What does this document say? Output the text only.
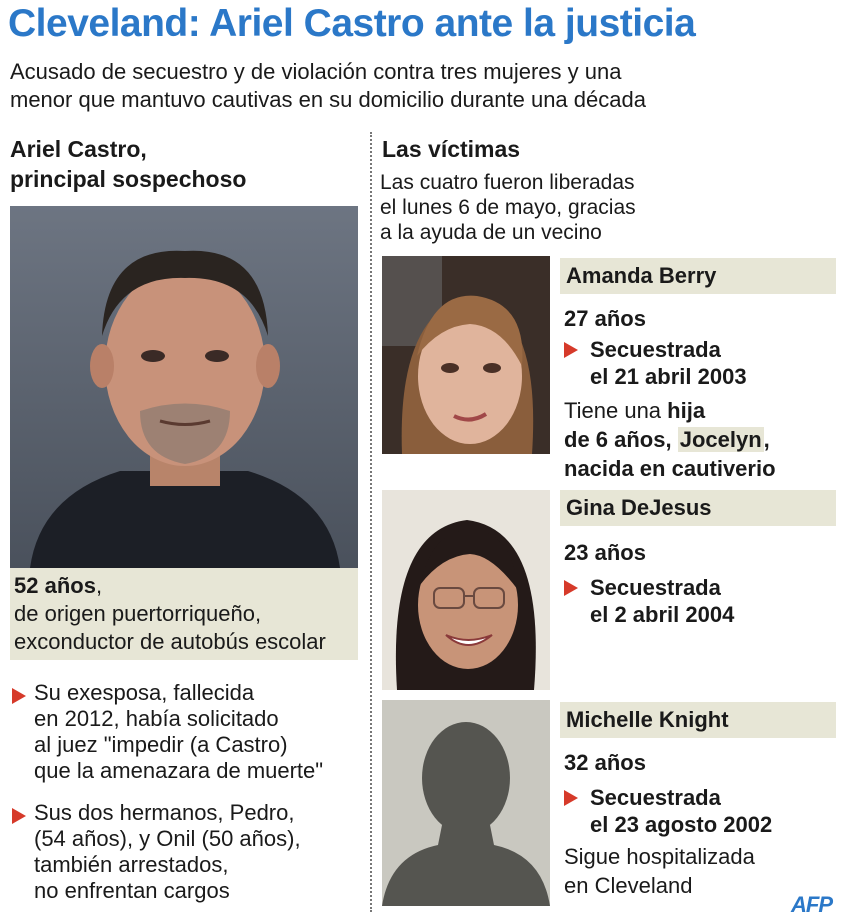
Cleveland: Ariel Castro ante la justicia
Acusado de secuestro y de violación contra tres mujeres y una
menor que mantuvo cautivas en su domicilio durante una década
Ariel Castro,
principal sospechoso
52 años,
de origen puertorriqueño,
exconductor de autobús escolar
Su exesposa, fallecida
en 2012, había solicitado
al juez "impedir (a Castro)
que la amenazara de muerte"
Sus dos hermanos, Pedro,
(54 años), y Onil (50 años),
también arrestados,
no enfrentan cargos
Las víctimas
Las cuatro fueron liberadas
el lunes 6 de mayo, gracias
a la ayuda de un vecino
Amanda Berry
27 años
Secuestrada
el 21 abril 2003
Tiene una hija
de 6 años, Jocelyn,
nacida en cautiverio
Gina DeJesus
23 años
Secuestrada
el 2 abril 2004
Michelle Knight
32 años
Secuestrada
el 23 agosto 2002
Sigue hospitalizada
en Cleveland
AFP
